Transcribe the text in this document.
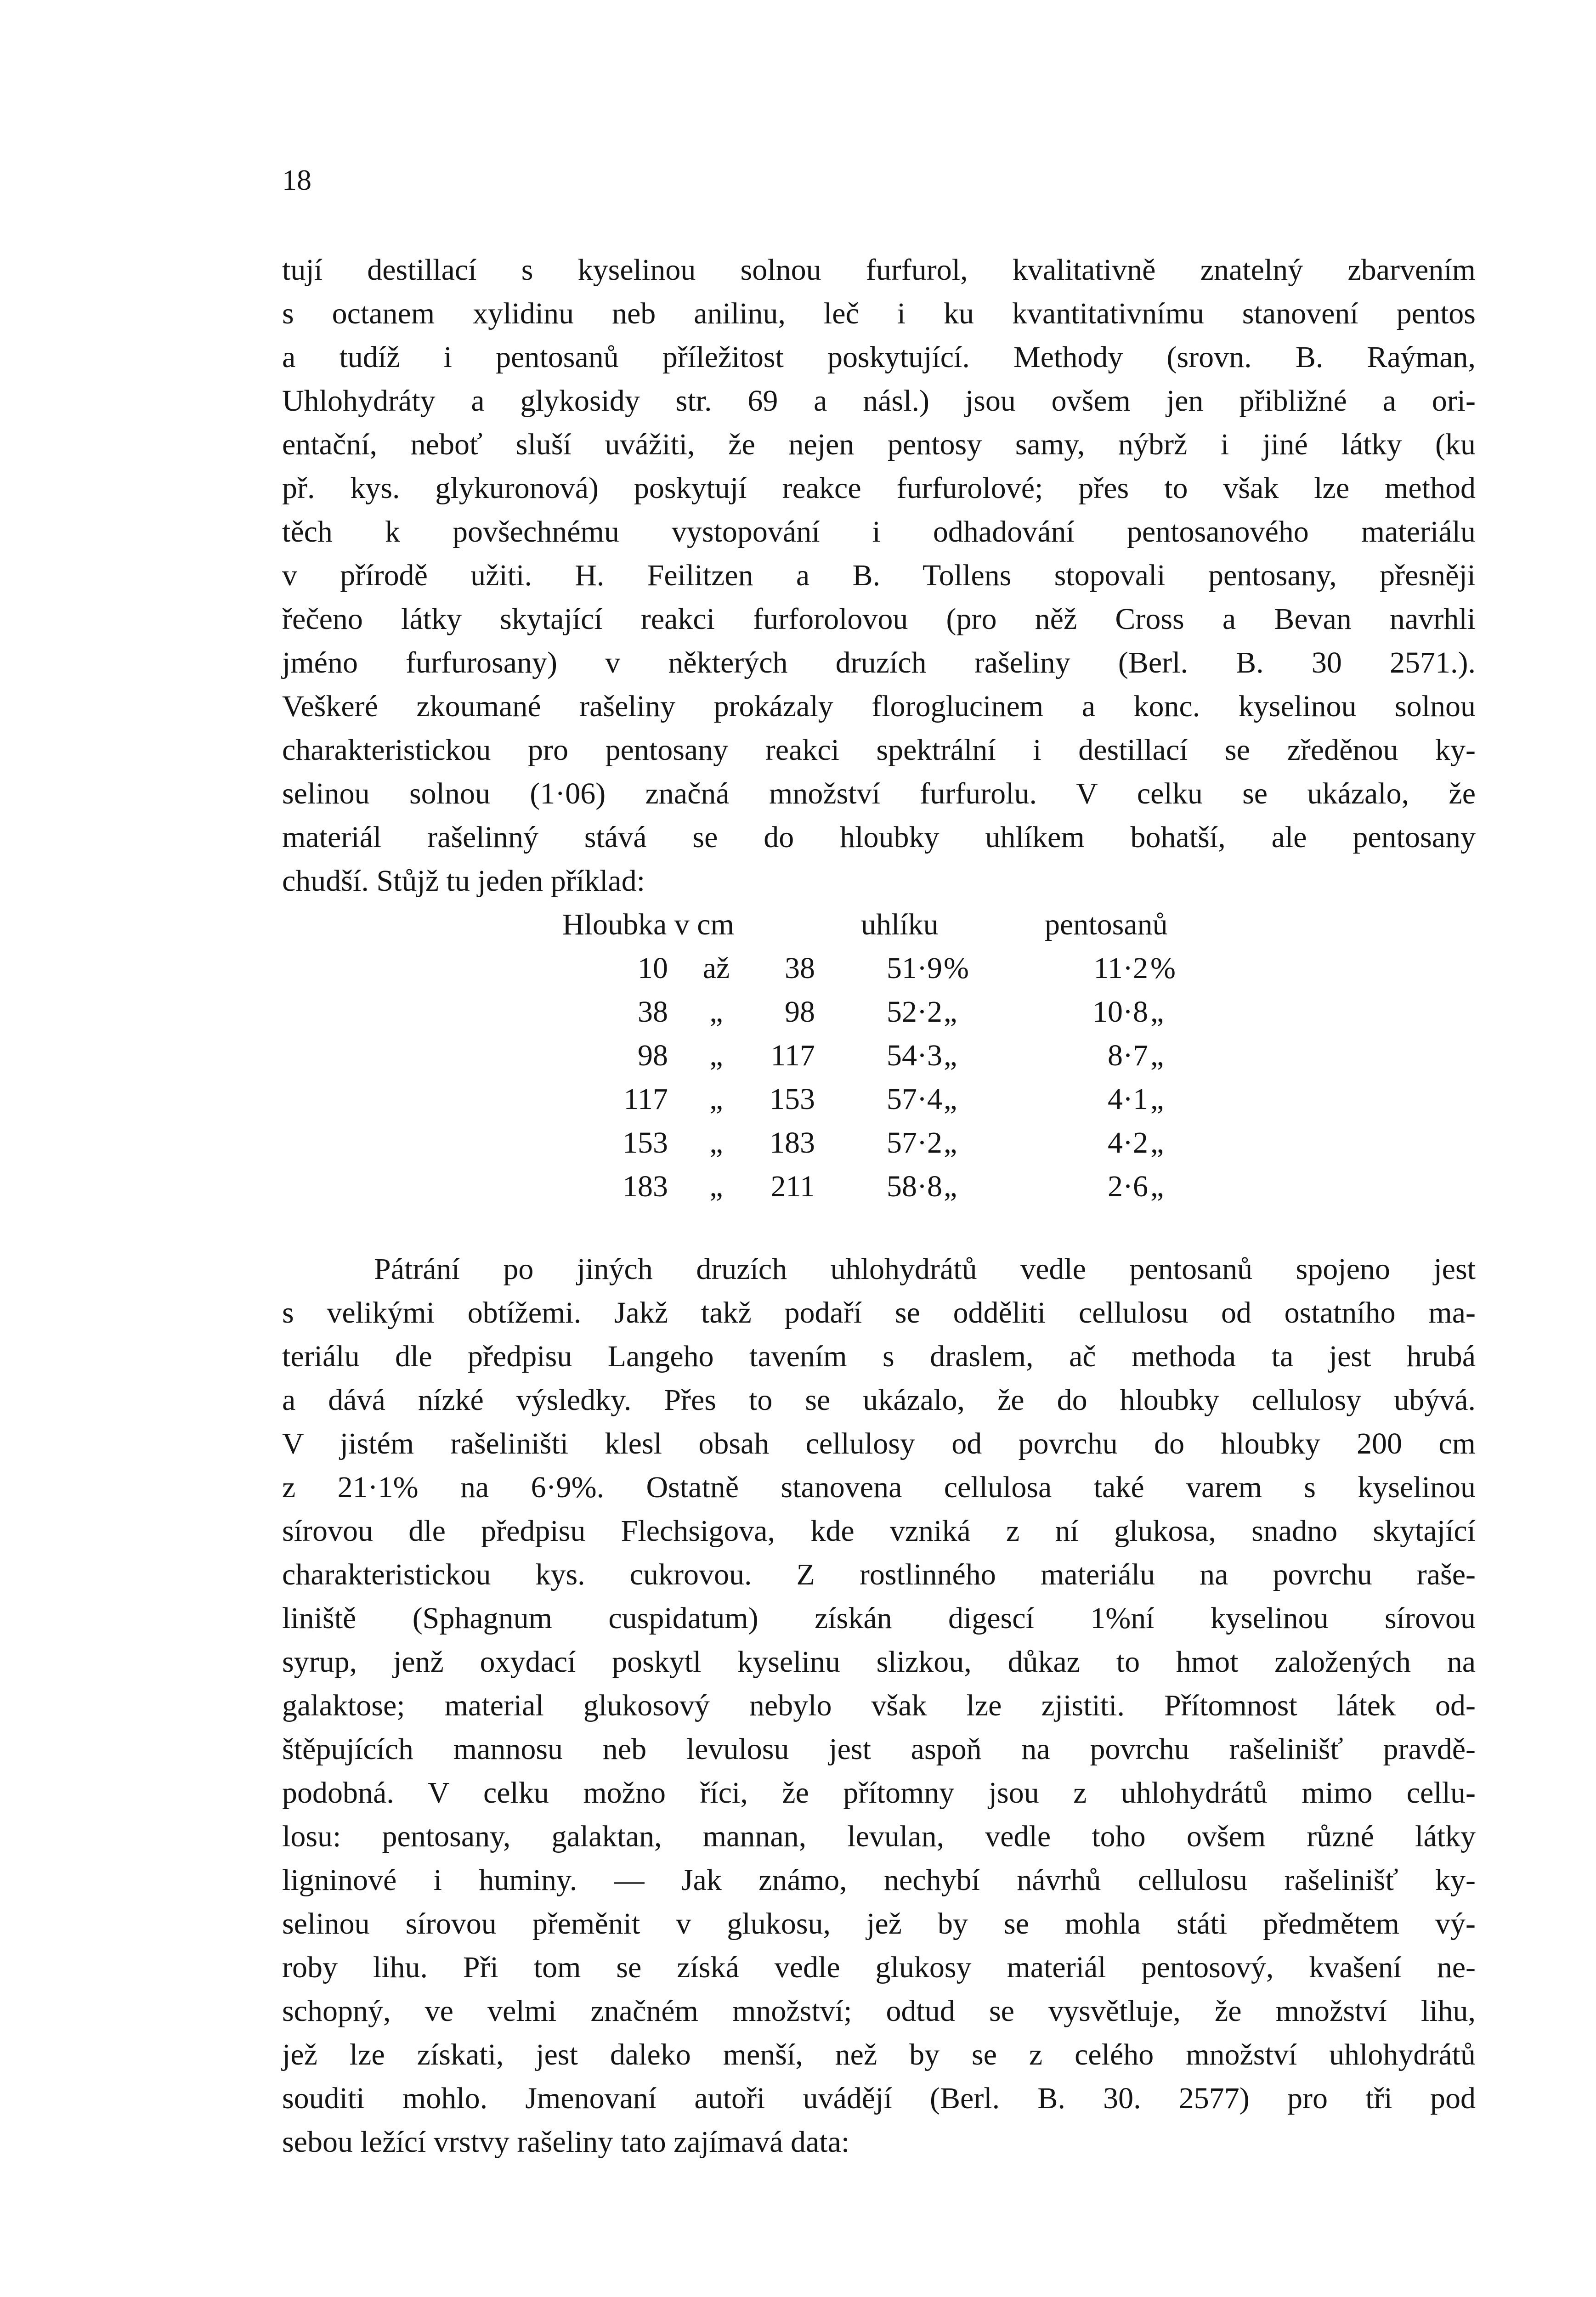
18
tují destillací s kyselinou solnou furfurol, kvalitativně znatelný zbarvením
s octanem xylidinu neb anilinu, leč i ku kvantitativnímu stanovení pentos
a tudíž i pentosanů příležitost poskytující. Methody (srovn. B. Raýman,
Uhlohydráty a glykosidy str. 69 a násl.) jsou ovšem jen přibližné a ori-
entační, neboť sluší uvážiti, že nejen pentosy samy, nýbrž i jiné látky (ku
př. kys. glykuronová) poskytují reakce furfurolové; přes to však lze method
těch k povšechnému vystopování i odhadování pentosanového materiálu
v přírodě užiti. H. Feilitzen a B. Tollens stopovali pentosany, přesněji
řečeno látky skytající reakci furforolovou (pro něž Cross a Bevan navrhli
jméno furfurosany) v některých druzích rašeliny (Berl. B. 30 2571.).
Veškeré zkoumané rašeliny prokázaly floroglucinem a konc. kyselinou solnou
charakteristickou pro pentosany reakci spektrální i destillací se zředěnou ky-
selinou solnou (1·06) značná množství furfurolu. V celku se ukázalo, že
materiál rašelinný stává se do hloubky uhlíkem bohatší, ale pentosany
chudší. Stůjž tu jeden příklad:
Hloubka v cm	uhlíku	pentosanů
10	až	38	51·9 %	11·2 %
38	„	98	52·2 „	10·8 „
98	„	117	54·3 „	8·7 „
117	„	153	57·4 „	4·1 „
153	„	183	57·2 „	4·2 „
183	„	211	58·8 „	2·6 „
Pátrání po jiných druzích uhlohydrátů vedle pentosanů spojeno jest
s velikými obtížemi. Jakž takž podaří se odděliti cellulosu od ostatního ma-
teriálu dle předpisu Langeho tavením s draslem, ač methoda ta jest hrubá
a dává nízké výsledky. Přes to se ukázalo, že do hloubky cellulosy ubývá.
V jistém rašeliništi klesl obsah cellulosy od povrchu do hloubky 200 cm
z 21·1% na 6·9%. Ostatně stanovena cellulosa také varem s kyselinou
sírovou dle předpisu Flechsigova, kde vzniká z ní glukosa, snadno skytající
charakteristickou kys. cukrovou. Z rostlinného materiálu na povrchu raše-
liniště (Sphagnum cuspidatum) získán digescí 1%ní kyselinou sírovou
syrup, jenž oxydací poskytl kyselinu slizkou, důkaz to hmot založených na
galaktose; material glukosový nebylo však lze zjistiti. Přítomnost látek od-
štěpujících mannosu neb levulosu jest aspoň na povrchu rašelinišť pravdě-
podobná. V celku možno říci, že přítomny jsou z uhlohydrátů mimo cellu-
losu: pentosany, galaktan, mannan, levulan, vedle toho ovšem různé látky
ligninové i huminy. — Jak známo, nechybí návrhů cellulosu rašelinišť ky-
selinou sírovou přeměnit v glukosu, jež by se mohla státi předmětem vý-
roby lihu. Při tom se získá vedle glukosy materiál pentosový, kvašení ne-
schopný, ve velmi značném množství; odtud se vysvětluje, že množství lihu,
jež lze získati, jest daleko menší, než by se z celého množství uhlohydrátů
souditi mohlo. Jmenovaní autoři uvádějí (Berl. B. 30. 2577) pro tři pod
sebou ležící vrstvy rašeliny tato zajímavá data:
